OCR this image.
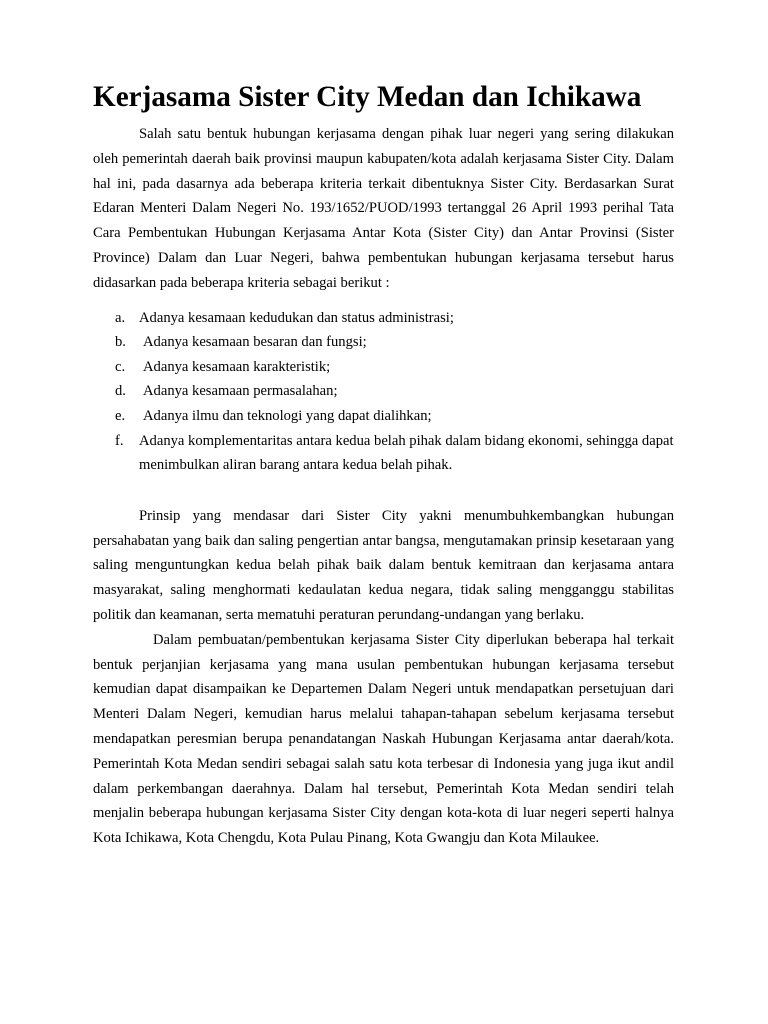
Kerjasama Sister City Medan dan Ichikawa

Salah satu bentuk hubungan kerjasama dengan pihak luar negeri yang sering dilakukan oleh pemerintah daerah baik provinsi maupun kabupaten/kota adalah kerjasama Sister City. Dalam hal ini, pada dasarnya ada beberapa kriteria terkait dibentuknya Sister City. Berdasarkan Surat Edaran Menteri Dalam Negeri No. 193/1652/PUOD/1993 tertanggal 26 April 1993 perihal Tata Cara Pembentukan Hubungan Kerjasama Antar Kota (Sister City) dan Antar Provinsi (Sister Province) Dalam dan Luar Negeri, bahwa pembentukan hubungan kerjasama tersebut harus didasarkan pada beberapa kriteria sebagai berikut :

a. Adanya kesamaan kedudukan dan status administrasi;
b. Adanya kesamaan besaran dan fungsi;
c. Adanya kesamaan karakteristik;
d. Adanya kesamaan permasalahan;
e. Adanya ilmu dan teknologi yang dapat dialihkan;
f. Adanya komplementaritas antara kedua belah pihak dalam bidang ekonomi, sehingga dapat menimbulkan aliran barang antara kedua belah pihak.

Prinsip yang mendasar dari Sister City yakni menumbuhkembangkan hubungan persahabatan yang baik dan saling pengertian antar bangsa, mengutamakan prinsip kesetaraan yang saling menguntungkan kedua belah pihak baik dalam bentuk kemitraan dan kerjasama antara masyarakat, saling menghormati kedaulatan kedua negara, tidak saling mengganggu stabilitas politik dan keamanan, serta mematuhi peraturan perundang-undangan yang berlaku.

Dalam pembuatan/pembentukan kerjasama Sister City diperlukan beberapa hal terkait bentuk perjanjian kerjasama yang mana usulan pembentukan hubungan kerjasama tersebut kemudian dapat disampaikan ke Departemen Dalam Negeri untuk mendapatkan persetujuan dari Menteri Dalam Negeri, kemudian harus melalui tahapan-tahapan sebelum kerjasama tersebut mendapatkan peresmian berupa penandatangan Naskah Hubungan Kerjasama antar daerah/kota. Pemerintah Kota Medan sendiri sebagai salah satu kota terbesar di Indonesia yang juga ikut andil dalam perkembangan daerahnya. Dalam hal tersebut, Pemerintah Kota Medan sendiri telah menjalin beberapa hubungan kerjasama Sister City dengan kota-kota di luar negeri seperti halnya Kota Ichikawa, Kota Chengdu, Kota Pulau Pinang, Kota Gwangju dan Kota Milaukee.
